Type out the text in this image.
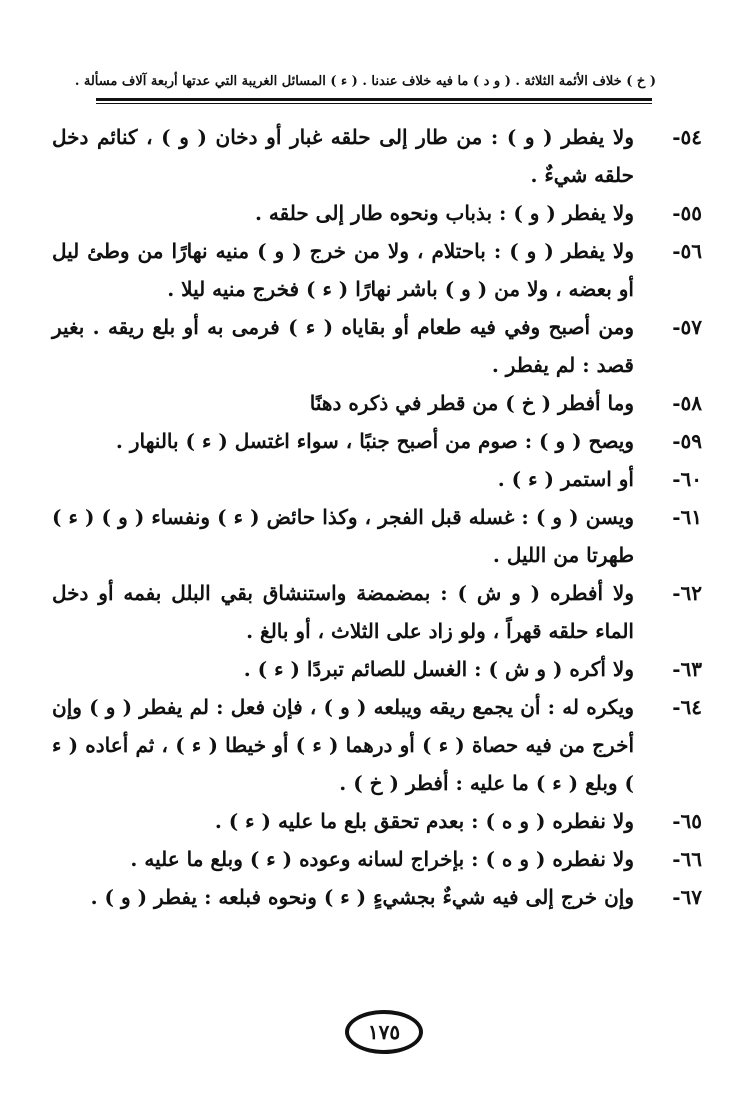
( خ ) خلاف الأئمة الثلاثة . ( و د ) ما فيه خلاف عندنا . ( ء ) المسائل الغريبة التي عدتها أربعة آلاف مسألة .

٥٤-ولا يفطر ( و ) : من طار إلى حلقه غبار أو دخان ( و ) ، كنائم دخل حلقه شيءٌ .

٥٥-ولا يفطر ( و ) : بذباب ونحوه طار إلى حلقه .

٥٦-ولا يفطر ( و ) : باحتلام ، ولا من خرج ( و ) منيه نهارًا من وطئ ليل أو بعضه ، ولا من ( و ) باشر نهارًا ( ء ) فخرج منيه ليلا .

٥٧-ومن أصبح وفي فيه طعام أو بقاياه ( ء ) فرمى به أو بلع ريقه . بغير قصد : لم يفطر .

٥٨-وما أفطر ( خ ) من قطر في ذكره دهنًا

٥٩-ويصح ( و ) : صوم من أصبح جنبًا ، سواء اغتسل ( ء ) بالنهار .

٦٠-أو استمر ( ء ) .

٦١-ويسن ( و ) : غسله قبل الفجر ، وكذا حائض ( ء ) ونفساء ( و ) ( ء ) طهرتا من الليل .

٦٢-ولا أفطره ( و ش ) : بمضمضة واستنشاق بقي البلل بفمه أو دخل الماء حلقه قهراً ، ولو زاد على الثلاث ، أو بالغ .

٦٣-ولا أكره ( و ش ) : الغسل للصائم تبردًا ( ء ) .

٦٤-ويكره له : أن يجمع ريقه ويبلعه ( و ) ، فإن فعل : لم يفطر ( و ) وإن أخرج من فيه حصاة ( ء ) أو درهما ( ء ) أو خيطا ( ء ) ، ثم أعاده ( ء ) وبلع ( ء ) ما عليه : أفطر ( خ ) .

٦٥-ولا نفطره ( و ه ) : بعدم تحقق بلع ما عليه ( ء ) .

٦٦-ولا نفطره ( و ه ) : بإخراج لسانه وعوده ( ء ) وبلع ما عليه .

٦٧-وإن خرج إلى فيه شيءٌ بجشيءٍ ( ء ) ونحوه فبلعه : يفطر ( و ) .

١٧٥
